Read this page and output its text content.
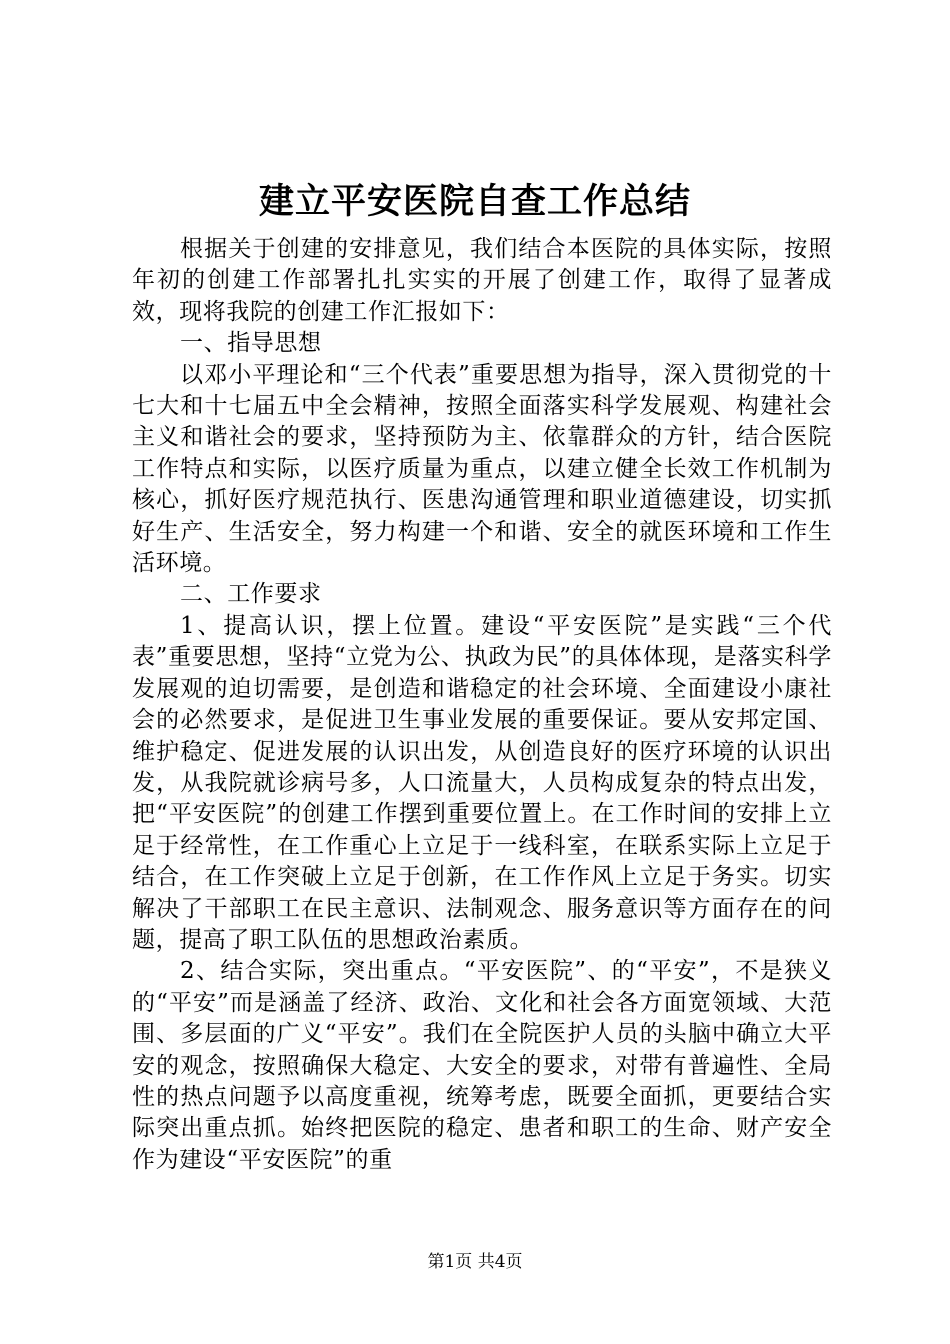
建立平安医院自查工作总结

根据关于创建的安排意见，我们结合本医院的具体实际，按照年初的创建工作部署扎扎实实的开展了创建工作，取得了显著成效，现将我院的创建工作汇报如下：

一、指导思想

以邓小平理论和“三个代表”重要思想为指导，深入贯彻党的十七大和十七届五中全会精神，按照全面落实科学发展观、构建社会主义和谐社会的要求，坚持预防为主、依靠群众的方针，结合医院工作特点和实际，以医疗质量为重点，以建立健全长效工作机制为核心，抓好医疗规范执行、医患沟通管理和职业道德建设，切实抓好生产、生活安全，努力构建一个和谐、安全的就医环境和工作生活环境。

二、工作要求

1、提高认识，摆上位置。建设“平安医院”是实践“三个代表”重要思想，坚持“立党为公、执政为民”的具体体现，是落实科学发展观的迫切需要，是创造和谐稳定的社会环境、全面建设小康社会的必然要求，是促进卫生事业发展的重要保证。要从安邦定国、维护稳定、促进发展的认识出发，从创造良好的医疗环境的认识出发，从我院就诊病号多，人口流量大，人员构成复杂的特点出发，把“平安医院”的创建工作摆到重要位置上。在工作时间的安排上立足于经常性，在工作重心上立足于一线科室，在联系实际上立足于结合，在工作突破上立足于创新，在工作作风上立足于务实。切实解决了干部职工在民主意识、法制观念、服务意识等方面存在的问题，提高了职工队伍的思想政治素质。

2、结合实际，突出重点。“平安医院”、的“平安”，不是狭义的“平安”而是涵盖了经济、政治、文化和社会各方面宽领域、大范围、多层面的广义“平安”。我们在全院医护人员的头脑中确立大平安的观念，按照确保大稳定、大安全的要求，对带有普遍性、全局性的热点问题予以高度重视，统筹考虑，既要全面抓，更要结合实际突出重点抓。始终把医院的稳定、患者和职工的生命、财产安全作为建设“平安医院”的重

第1页 共4页
